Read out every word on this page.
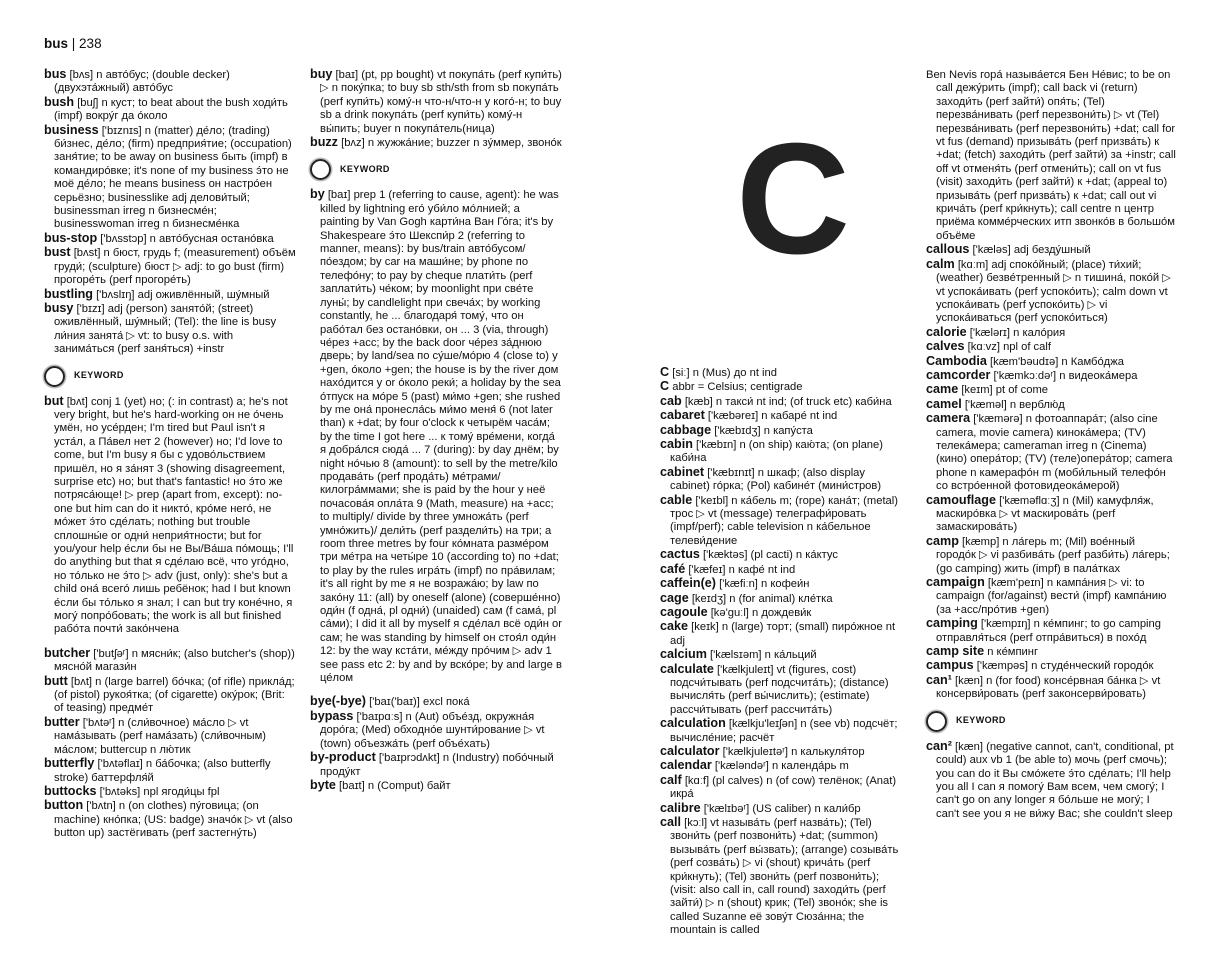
bus | 238
C

bus [bʌs] n авто́бус; (double decker) (двухэта́жный) авто́бус

bush [buʃ] n куст; to beat about the bush ходи́ть (impf) вокру́г да о́коло

business ['bɪznɪs] n (matter) де́ло; (trading) би́знес, де́ло; (firm) предприя́тие; (occupation) заня́тие; to be away on business быть (impf) в командиро́вке; it's none of my business э́то не моё де́ло; he means business он настро́ен серьёзно; businesslike adj делови́тый; businessman irreg n бизнесме́н; businesswoman irreg n бизнесме́нка

bus-stop ['bʌsstɔp] n авто́бусная остано́вка

bust [bʌst] n бюст, грудь f; (measurement) объём груди́; (sculpture) бюст ▷ adj: to go bust (firm) прогоре́ть (perf прогоре́ть)

bustling ['bʌslɪŋ] adj оживлённый, шу́мный

busy ['bɪzɪ] adj (person) занято́й; (street) оживлённый, шу́мный; (Tel): the line is busy ли́ния занята́ ▷ vt: to busy o.s. with занима́ться (perf заня́ться) +instr

KEYWORD

but [bʌt] conj 1 (yet) но; (: in contrast) а; he's not very bright, but he's hard-working он не о́чень умён, но усе́рден; I'm tired but Paul isn't я уста́л, а Па́вел нет 2 (however) но; I'd love to come, but I'm busy я бы с удово́льствием пришёл, но я за́нят 3 (showing disagreement, surprise etc) но; but that's fantastic! но э́то же потряса́юще! ▷ prep (apart from, except): no-one but him can do it никто́, кро́ме него́, не мо́жет э́то сде́лать; nothing but trouble сплошны́е or одни́ неприя́тности; but for you/your help е́сли бы не Вы/Ва́ша по́мощь; I'll do anything but that я сде́лаю всё, что уго́дно, но то́лько не э́то ▷ adv (just, only): she's but a child она́ всего́ лишь ребёнок; had I but known е́сли бы то́лько я знал; I can but try коне́чно, я могу́ попро́бовать; the work is all but finished рабо́та почти́ зако́нчена

butcher ['butʃəʳ] n мясни́к; (also butcher's (shop)) мясно́й магази́н

butt [bʌt] n (large barrel) бо́чка; (of rifle) прикла́д; (of pistol) рукоя́тка; (of cigarette) оку́рок; (Brit: of teasing) предме́т

butter ['bʌtəʳ] n (сли́вочное) ма́сло ▷ vt нама́зывать (perf нама́зать) (сли́вочным) ма́слом; buttercup n лю́тик

butterfly ['bʌtəflaɪ] n ба́бочка; (also butterfly stroke) баттерфля́й

buttocks ['bʌtəks] npl ягоди́цы fpl

button ['bʌtn] n (on clothes) пу́говица; (on machine) кно́пка; (US: badge) значо́к ▷ vt (also button up) застёгивать (perf застегну́ть)

buy [baɪ] (pt, pp bought) vt покупа́ть (perf купи́ть) ▷ n поку́пка; to buy sb sth/sth from sb покупа́ть (perf купи́ть) кому́-н что-н/что-н у кого́-н; to buy sb a drink покупа́ть (perf купи́ть) кому́-н вы́пить; buyer n покупа́тель(ница)

buzz [bʌz] n жужжа́ние; buzzer n зу́ммер, звоно́к

KEYWORD

by [baɪ] prep 1 (referring to cause, agent): he was killed by lightning его́ уби́ло мо́лнией; a painting by Van Gogh карти́на Ван Го́га; it's by Shakespeare э́то Шекспи́р 2 (referring to manner, means): by bus/train авто́бусом/по́ездом; by car на маши́не; by phone по телефо́ну; to pay by cheque плати́ть (perf заплати́ть) че́ком; by moonlight при све́те луны́; by candlelight при свеча́х; by working constantly, he ... благодаря́ тому́, что он рабо́тал без остано́вки, он ... 3 (via, through) че́рез +acc; by the back door че́рез за́днюю дверь; by land/sea по су́ше/мо́рю 4 (close to) у +gen, о́коло +gen; the house is by the river дом нахо́дится у or о́коло реки́; a holiday by the sea о́тпуск на мо́ре 5 (past) ми́мо +gen; she rushed by me она́ пронесла́сь ми́мо меня́ 6 (not later than) к +dat; by four o'clock к четырём часа́м; by the time I got here ... к тому́ вре́мени, когда́ я добра́лся сюда́ ... 7 (during): by day днём; by night но́чью 8 (amount): to sell by the metre/kilo продава́ть (perf прода́ть) ме́трами/ килогра́ммами; she is paid by the hour у неё почасова́я опла́та 9 (Math, measure) на +acc; to multiply/ divide by three умножа́ть (perf умно́жить)/ дели́ть (perf раздели́ть) на три; a room three metres by four ко́мната разме́ром три ме́тра на четы́ре 10 (according to) по +dat; to play by the rules игра́ть (impf) по пра́вилам; it's all right by me я не возража́ю; by law по зако́ну 11: (all) by oneself (alone) (соверше́нно) оди́н (f одна́, pl одни́) (unaided) сам (f сама́, pl са́ми); I did it all by myself я сде́лал всё оди́н or сам; he was standing by himself он стоя́л оди́н 12: by the way кста́ти, ме́жду про́чим ▷ adv 1 see pass etc 2: by and by вско́ре; by and large в це́лом

bye(-bye) ['baɪ('baɪ)] excl пока́

bypass ['baɪpɑːs] n (Aut) объе́зд, окружна́я доро́га; (Med) обходно́е шунти́рование ▷ vt (town) объезжа́ть (perf объе́хать)

by-product ['baɪprɔdʌkt] n (Industry) побо́чный проду́кт

byte [baɪt] n (Comput) байт

C [siː] n (Mus) до nt ind

C abbr = Celsius; centigrade

cab [kæb] n такси́ nt ind; (of truck etc) каби́на

cabaret ['kæbəreɪ] n кабаре́ nt ind

cabbage ['kæbɪdʒ] n капу́ста

cabin ['kæbɪn] n (on ship) каю́та; (on plane) каби́на

cabinet ['kæbɪnɪt] n шкаф; (also display cabinet) го́рка; (Pol) кабине́т (мини́стров)

cable ['keɪbl] n ка́бель m; (rope) кана́т; (metal) трос ▷ vt (message) телеграфи́ровать (impf/perf); cable television n ка́бельное телеви́дение

cactus ['kæktəs] (pl cacti) n ка́ктус

café ['kæfeɪ] n кафе́ nt ind

caffein(e) ['kæfiːn] n кофеи́н

cage [keɪdʒ] n (for animal) кле́тка

cagoule [kə'guːl] n дождеви́к

cake [keɪk] n (large) торт; (small) пиро́жное nt adj

calcium ['kælsɪəm] n ка́льций

calculate ['kælkjuleɪt] vt (figures, cost) подсчи́тывать (perf подсчита́ть); (distance) вычисля́ть (perf вы́числить); (estimate) рассчи́тывать (perf рассчита́ть)

calculation [kælkju'leɪʃən] n (see vb) подсчёт; вычисле́ние; расчёт

calculator ['kælkjuleɪtəʳ] n калькуля́тор

calendar ['kæləndəʳ] n календа́рь m

calf [kɑːf] (pl calves) n (of cow) телёнок; (Anat) икра́

calibre ['kælɪbəʳ] (US caliber) n кали́бр

call [kɔːl] vt называ́ть (perf назва́ть); (Tel) звони́ть (perf позвони́ть) +dat; (summon) вызыва́ть (perf вы́звать); (arrange) созыва́ть (perf созва́ть) ▷ vi (shout) крича́ть (perf кри́кнуть); (Tel) звони́ть (perf позвони́ть); (visit: also call in, call round) заходи́ть (perf зайти́) ▷ n (shout) крик; (Tel) звоно́к; she is called Suzanne её зову́т Сюза́нна; the mountain is called

Ben Nevis гора́ называ́ется Бен Не́вис; to be on call дежу́рить (impf); call back vi (return) заходи́ть (perf зайти́) опя́ть; (Tel) перезва́нивать (perf перезвони́ть) ▷ vt (Tel) перезва́нивать (perf перезвони́ть) +dat; call for vt fus (demand) призыва́ть (perf призва́ть) к +dat; (fetch) заходи́ть (perf зайти́) за +instr; call off vt отменя́ть (perf отмени́ть); call on vt fus (visit) заходи́ть (perf зайти́) к +dat; (appeal to) призыва́ть (perf призва́ть) к +dat; call out vi крича́ть (perf кри́кнуть); call centre n центр приёма комме́рческих итп звонко́в в большо́м объёме

callous ['kæləs] adj безду́шный

calm [kɑːm] adj споко́йный; (place) ти́хий; (weather) безве́тренный ▷ n тишина́, поко́й ▷ vt успока́ивать (perf успоко́ить); calm down vt успока́ивать (perf успоко́ить) ▷ vi успока́иваться (perf успоко́иться)

calorie ['kælərɪ] n кало́рия

calves [kɑːvz] npl of calf

Cambodia [kæm'bəudɪə] n Камбо́джа

camcorder ['kæmkɔːdəʳ] n видеока́мера

came [keɪm] pt of come

camel ['kæməl] n верблю́д

camera ['kæmərə] n фотоаппара́т; (also cine camera, movie camera) кинока́мера; (TV) телека́мера; cameraman irreg n (Cinema) (кино) опера́тор; (TV) (теле)опера́тор; camera phone n камерафо́н m (моби́льный телефо́н со встро́енной фотовидеока́мерой)

camouflage ['kæməflɑːʒ] n (Mil) камуфля́ж, маскиро́вка ▷ vt маскирова́ть (perf замаскирова́ть)

camp [kæmp] n ла́герь m; (Mil) вое́нный городо́к ▷ vi разбива́ть (perf разби́ть) ла́герь; (go camping) жить (impf) в пала́тках

campaign [kæm'peɪn] n кампа́ния ▷ vi: to campaign (for/against) вести́ (impf) кампа́нию (за +acc/про́тив +gen)

camping ['kæmpɪŋ] n ке́мпинг; to go camping отправля́ться (perf отпра́виться) в похо́д

camp site n ке́мпинг

campus ['kæmpəs] n студе́нческий городо́к

can¹ [kæn] n (for food) консе́рвная ба́нка ▷ vt консерви́ровать (perf законсерви́ровать)

KEYWORD

can² [kæn] (negative cannot, can't, conditional, pt could) aux vb 1 (be able to) мочь (perf смочь); you can do it Вы смо́жете э́то сде́лать; I'll help you all I can я помогу́ Вам всем, чем смогу́; I can't go on any longer я бо́льше не могу́; I can't see you я не ви́жу Вас; she couldn't sleep
